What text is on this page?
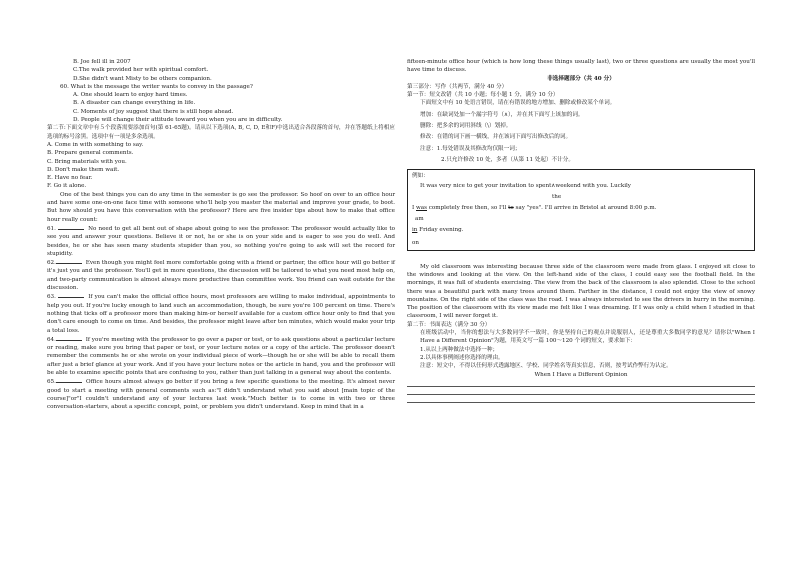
B. Joe fell ill in 2007

C.The walk provided her with spiritual comfort.

D.She didn't want Misty to be others companion.

60. What is the message the writer wants to convey in the passage?

A. One should learn to enjoy hard times.

B. A disaster can change everything in life.

C. Moments of joy suggest that there is still hope ahead.

D. People will change their attitude toward you when you are in difficulty.

第二节:下面文章中有５个段落需要添加首句(第 61-65题)。请从以下选项(A, B, C, D, E和F)中选出适合各段落的首句，并在答题纸上将相应选项的标号涂黑。选项中有一项是多余选项。

A. Come in with something to say.

B. Prepare general comments.

C. Bring materials with you.

D. Don't make them wait.

E. Have no fear.

F. Go it alone.

One of the best things you can do any time in the semester is go see the professor. So hoof on over to an office hour and have some one-on-one face time with someone who'll help you master the material and improve your grade, to boot. But how should you have this conversation with the professor? Here are five insider tips about how to make that office hour really count:

61.	No need to get all bent out of shape about going to see the professor. The professor would actually like to see you and answer your questions. Believe it or not, he or she is on your side and is eager to see you do well. And besides, he or she has seen many students stupider than you, so nothing you're going to ask will set the record for stupidity.

62.	Even though you might feel more comfortable going with a friend or partner, the office hour will go better if it's just you and the professor. You'll get in more questions, the discussion will be tailored to what you need most help on, and two-party communication is almost always more productive than committee work. You friend can wait outside for the discussion.

63.	If you can't make the official office hours, most professors are willing to make individual, appointments to help you out. If you're lucky enough to land such an accommodation, though, be sure you're 100 percent on time. There's nothing that ticks off a professor more than making him-or herself available for a custom office hour only to find that you don't care enough to come on time. And besides, the professor might leave after ten minutes, which would make your trip a total loss.

64.	If you're meeting with the professor to go over a paper or test, or to ask questions about a particular lecture or reading, make sure you bring that paper or test, or your lecture notes or a copy of the article. The professor doesn't remember the comments he or she wrote on your individual piece of work—though he or she will be able to recall them after just a brief glance at your work. And if you have your lecture notes or the article in hand, you and the professor will be able to examine specific points that are confusing to you, rather than just talking in a general way about the contents.

65.	Office hours almost always go better if you bring a few specific questions to the meeting. It's almost never good to start a meeting with general comments such as:"I didn't understand what you said about [main topic of the course]"or"I couldn't understand any of your lectures last week."Much better is to come in with two or three conversation-starters, about a specific concept, point, or problem you didn't understand. Keep in mind that in a

fifteen-minute office hour (which is how long these things usually last), two or three questions are usually the most you'll have time to discuss.

非选择题部分（共 40 分）

第三部分：写作（共两节，满分 40 分）

第一节：短文改错（共 10 小题；每小题 1 分，满分 10 分）

下面短文中有 10 处语言错误，请在有错误的地方增加、删除或修改某个单词。

增加：在缺词处加一个漏字符号（∧），并在其下面写上该加的词。

删除：把多余的词用斜线（\）划掉。

修改：在错的词下画一横线，并在该词下面写出修改后的词。

注意：1.每处错误及其修改均仅限一词；

2.只允许修改 10 处，多者（从第 11 处起）不计分。

例如：

It was very nice to get your invitation to spent∧weekend with you. Luckily

the

I was completely free then, so I'll to say "yes". I'll arrive in Bristol at around 8:00 p.m.

am

in Friday evening.

on

My old classroom was interesting because three side of the classroom were made from glass. I enjoyed sit close to the windows and looking at the view. On the left-hand side of the class, I could easy see the football field. In the mornings, it was full of students exercising. The view from the back of the classroom is also splendid. Close to the school there was a beautiful park with many trees around them. Farther in the distance, I could not enjoy the view of snowy mountains. On the right side of the class was the road. I was always interested to see the drivers in hurry in the morning. The position of the classroom with its view made me felt like I was dreaming. If I was only a child when I studied in that classroom, I will never forget it.

第二节：书面表达（满分 30 分）

在班级活动中，当你的想法与大多数同学不一致时，你是坚持自己的观点并说服别人，还是尊重大多数同学的意见？请你以"When I Have a Different Opinion"为题，用英文写一篇 100～120 个词的短文，要求如下：

1.从以上两种做法中选择一种；

2.以具体事例阐述你选择的理由。

注意：短文中，不得以任何形式透露地区、学校、同学姓名等真实信息，否则，按考试作弊行为认定。

When I Have a Different Opinion
